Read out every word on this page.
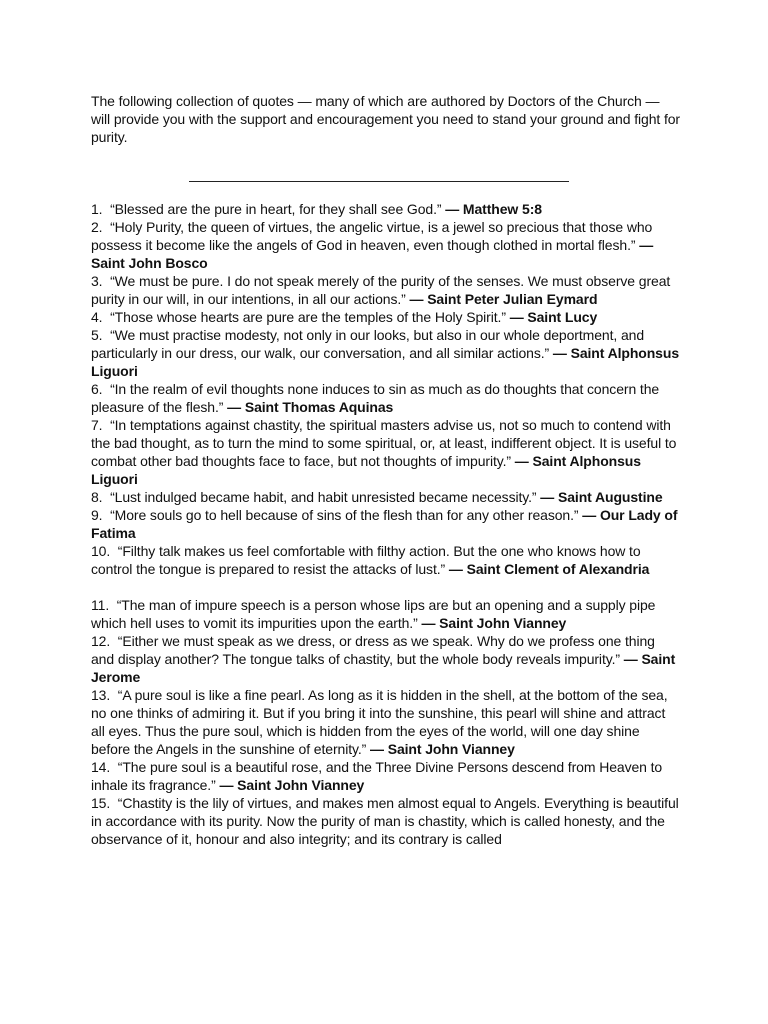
The following collection of quotes — many of which are authored by Doctors of the Church — will provide you with the support and encouragement you need to stand your ground and fight for purity.

1. “Blessed are the pure in heart, for they shall see God.” — Matthew 5:8

2. “Holy Purity, the queen of virtues, the angelic virtue, is a jewel so precious that those who possess it become like the angels of God in heaven, even though clothed in mortal flesh.” — Saint John Bosco

3. “We must be pure. I do not speak merely of the purity of the senses. We must observe great purity in our will, in our intentions, in all our actions.” — Saint Peter Julian Eymard

4. “Those whose hearts are pure are the temples of the Holy Spirit.” — Saint Lucy

5. “We must practise modesty, not only in our looks, but also in our whole deportment, and particularly in our dress, our walk, our conversation, and all similar actions.” — Saint Alphonsus Liguori

6. “In the realm of evil thoughts none induces to sin as much as do thoughts that concern the pleasure of the flesh.” — Saint Thomas Aquinas

7. “In temptations against chastity, the spiritual masters advise us, not so much to contend with the bad thought, as to turn the mind to some spiritual, or, at least, indifferent object. It is useful to combat other bad thoughts face to face, but not thoughts of impurity.” — Saint Alphonsus Liguori

8. “Lust indulged became habit, and habit unresisted became necessity.” — Saint Augustine

9. “More souls go to hell because of sins of the flesh than for any other reason.” — Our Lady of Fatima

10. “Filthy talk makes us feel comfortable with filthy action. But the one who knows how to control the tongue is prepared to resist the attacks of lust.” — Saint Clement of Alexandria

11. “The man of impure speech is a person whose lips are but an opening and a supply pipe which hell uses to vomit its impurities upon the earth.” — Saint John Vianney

12. “Either we must speak as we dress, or dress as we speak. Why do we profess one thing and display another? The tongue talks of chastity, but the whole body reveals impurity.” — Saint Jerome

13. “A pure soul is like a fine pearl. As long as it is hidden in the shell, at the bottom of the sea, no one thinks of admiring it. But if you bring it into the sunshine, this pearl will shine and attract all eyes. Thus the pure soul, which is hidden from the eyes of the world, will one day shine before the Angels in the sunshine of eternity.” — Saint John Vianney

14. “The pure soul is a beautiful rose, and the Three Divine Persons descend from Heaven to inhale its fragrance.” — Saint John Vianney

15. “Chastity is the lily of virtues, and makes men almost equal to Angels. Everything is beautiful in accordance with its purity. Now the purity of man is chastity, which is called honesty, and the observance of it, honour and also integrity; and its contrary is called
